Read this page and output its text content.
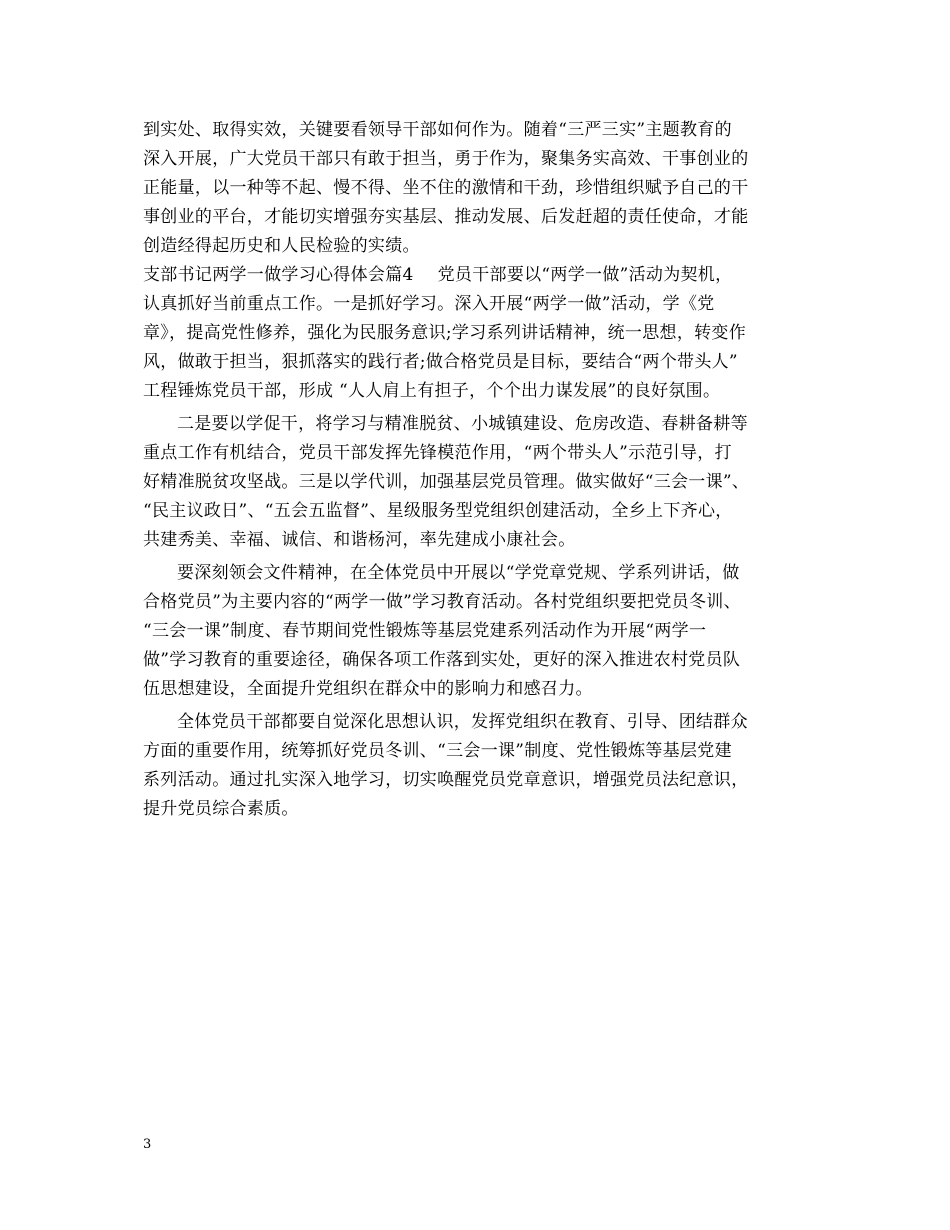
到实处、取得实效，关键要看领导干部如何作为。随着“三严三实”主题教育的
深入开展，广大党员干部只有敢于担当，勇于作为，聚集务实高效、干事创业的
正能量，以一种等不起、慢不得、坐不住的激情和干劲，珍惜组织赋予自己的干
事创业的平台，才能切实增强夯实基层、推动发展、后发赶超的责任使命，才能
创造经得起历史和人民检验的实绩。
支部书记两学一做学习心得体会篇4 党员干部要以“两学一做”活动为契机，
认真抓好当前重点工作。一是抓好学习。深入开展“两学一做”活动，学《党
章》，提高党性修养，强化为民服务意识;学习系列讲话精神，统一思想，转变作
风，做敢于担当，狠抓落实的践行者;做合格党员是目标，要结合“两个带头人”
工程锤炼党员干部，形成 “人人肩上有担子，个个出力谋发展”的良好氛围。
二是要以学促干，将学习与精准脱贫、小城镇建设、危房改造、春耕备耕等
重点工作有机结合，党员干部发挥先锋模范作用，“两个带头人”示范引导，打
好精准脱贫攻坚战。三是以学代训，加强基层党员管理。做实做好“三会一课”、
“民主议政日”、“五会五监督”、星级服务型党组织创建活动，全乡上下齐心，
共建秀美、幸福、诚信、和谐杨河，率先建成小康社会。
要深刻领会文件精神，在全体党员中开展以“学党章党规、学系列讲话，做
合格党员”为主要内容的“两学一做”学习教育活动。各村党组织要把党员冬训、
“三会一课”制度、春节期间党性锻炼等基层党建系列活动作为开展“两学一
做”学习教育的重要途径，确保各项工作落到实处，更好的深入推进农村党员队
伍思想建设，全面提升党组织在群众中的影响力和感召力。
全体党员干部都要自觉深化思想认识，发挥党组织在教育、引导、团结群众
方面的重要作用，统筹抓好党员冬训、“三会一课”制度、党性锻炼等基层党建
系列活动。通过扎实深入地学习，切实唤醒党员党章意识，增强党员法纪意识，
提升党员综合素质。
3
